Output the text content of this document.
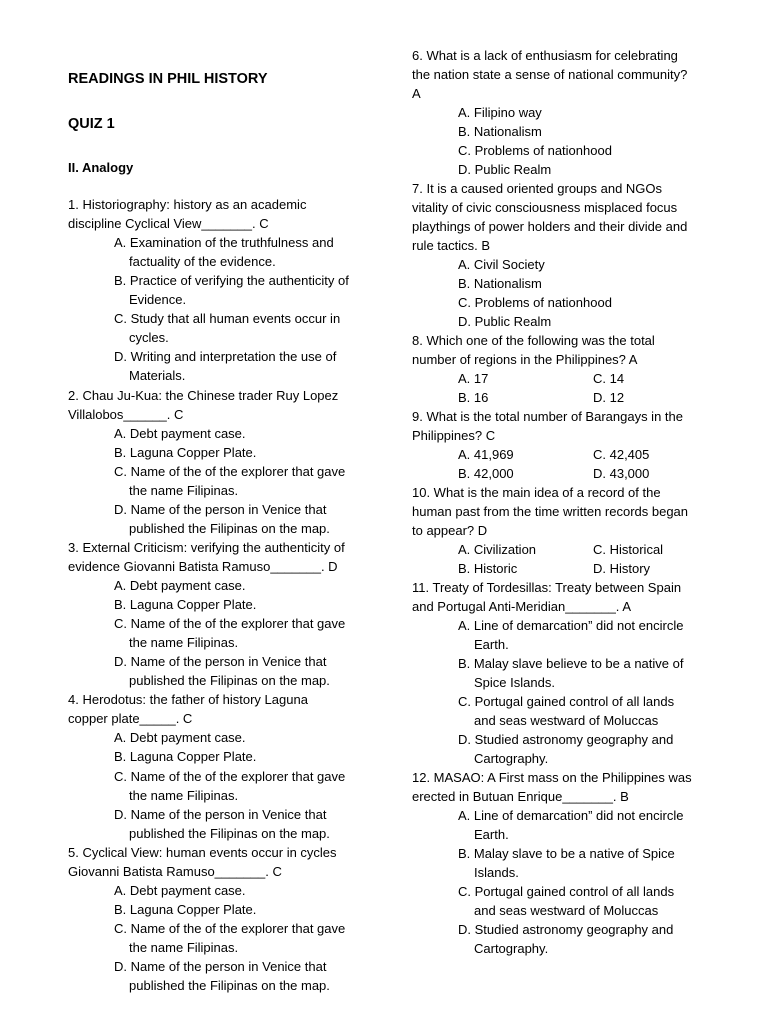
READINGS IN PHIL HISTORY
QUIZ 1
II. Analogy
1. Historiography: history as an academic
discipline Cyclical View_______. C
A. Examination of the truthfulness and
factuality of the evidence.
B. Practice of verifying the authenticity of
Evidence.
C. Study that all human events occur in
cycles.
D. Writing and interpretation the use of
Materials.
2. Chau Ju-Kua: the Chinese trader Ruy Lopez
Villalobos______. C
A. Debt payment case.
B. Laguna Copper Plate.
C. Name of the of the explorer that gave
the name Filipinas.
D. Name of the person in Venice that
published the Filipinas on the map.
3. External Criticism: verifying the authenticity of
evidence Giovanni Batista Ramuso_______. D
A. Debt payment case.
B. Laguna Copper Plate.
C. Name of the of the explorer that gave
the name Filipinas.
D. Name of the person in Venice that
published the Filipinas on the map.
4. Herodotus: the father of history Laguna
copper plate_____. C
A. Debt payment case.
B. Laguna Copper Plate.
C. Name of the of the explorer that gave
the name Filipinas.
D. Name of the person in Venice that
published the Filipinas on the map.
5. Cyclical View: human events occur in cycles
Giovanni Batista Ramuso_______. C
A. Debt payment case.
B. Laguna Copper Plate.
C. Name of the of the explorer that gave
the name Filipinas.
D. Name of the person in Venice that
published the Filipinas on the map.
6. What is a lack of enthusiasm for celebrating
the nation state a sense of national community?
A
A. Filipino way
B. Nationalism
C. Problems of nationhood
D. Public Realm
7. It is a caused oriented groups and NGOs
vitality of civic consciousness misplaced focus
playthings of power holders and their divide and
rule tactics. B
A. Civil Society
B. Nationalism
C. Problems of nationhood
D. Public Realm
8. Which one of the following was the total
number of regions in the Philippines? A
A. 17	C. 14
B. 16	D. 12
9. What is the total number of Barangays in the
Philippines? C
A. 41,969	C. 42,405
B. 42,000	D. 43,000
10. What is the main idea of a record of the
human past from the time written records began
to appear? D
A. Civilization	C. Historical
B. Historic	D. History
11. Treaty of Tordesillas: Treaty between Spain
and Portugal Anti-Meridian_______. A
A. Line of demarcation” did not encircle
Earth.
B. Malay slave believe to be a native of
Spice Islands.
C. Portugal gained control of all lands
and seas westward of Moluccas
D. Studied astronomy geography and
Cartography.
12. MASAO: A First mass on the Philippines was
erected in Butuan Enrique_______. B
A. Line of demarcation” did not encircle
Earth.
B. Malay slave to be a native of Spice
Islands.
C. Portugal gained control of all lands
and seas westward of Moluccas
D. Studied astronomy geography and
Cartography.
